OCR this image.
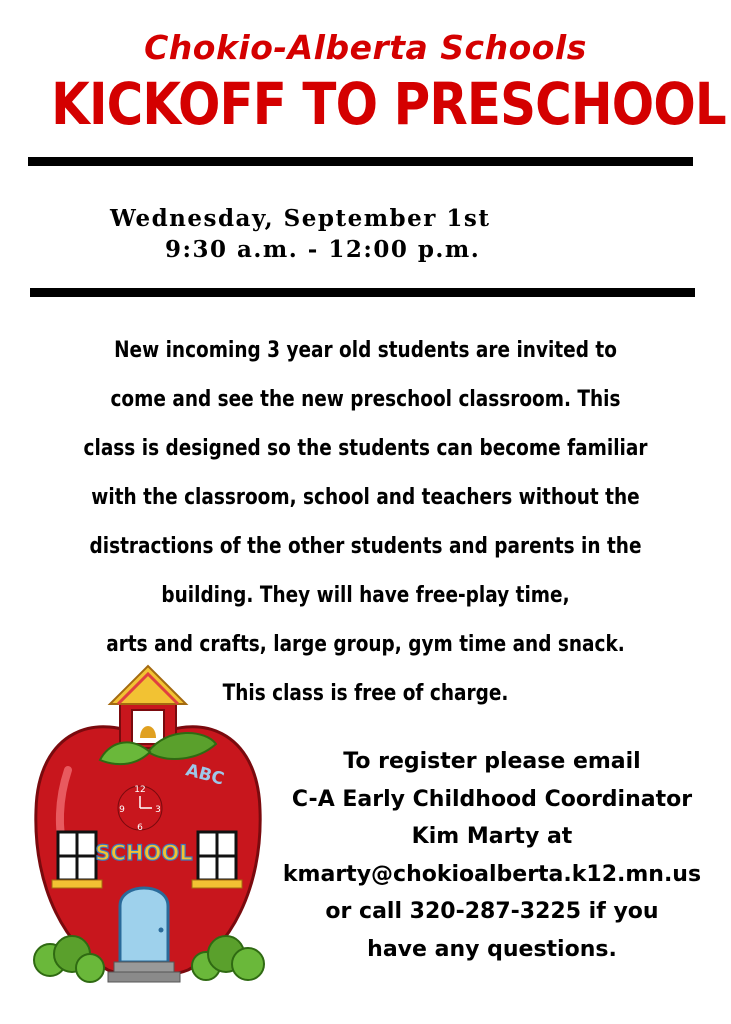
Chokio-Alberta Schools
KICKOFF TO PRESCHOOL
Wednesday, September 1st
9:30 a.m. - 12:00 p.m.
New incoming 3 year old students are invited to
come and see the new preschool classroom. This
class is designed so the students can become familiar
with the classroom, school and teachers without the
distractions of the other students and parents in the
building. They will have free-play time,
arts and crafts, large group, gym time and snack.
This class is free of charge.
12
3
9
6
ABC
SCHOOL
To register please email
C-A Early Childhood Coordinator
Kim Marty at
kmarty@chokioalberta.k12.mn.us
or call 320-287-3225 if you
have any questions.
